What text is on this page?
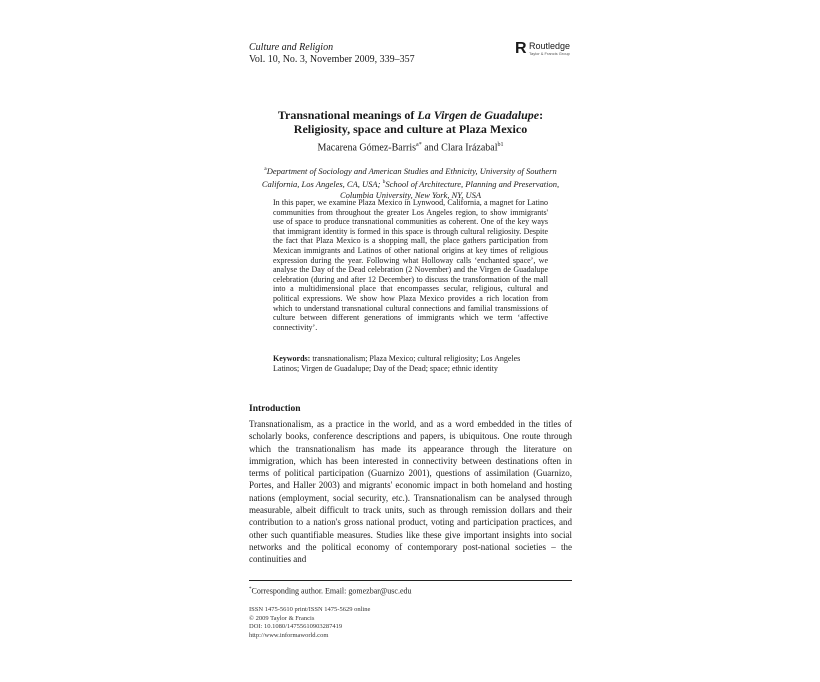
Culture and Religion
Vol. 10, No. 3, November 2009, 339–357
R Routledge
Taylor & Francis Group
Transnational meanings of La Virgen de Guadalupe: Religiosity, space and culture at Plaza Mexico
Macarena Gómez-Barris$^{a*}$ and Clara Irázabal$^{b1}$
$^a$Department of Sociology and American Studies and Ethnicity, University of Southern California, Los Angeles, CA, USA; $^b$School of Architecture, Planning and Preservation, Columbia University, New York, NY, USA
In this paper, we examine Plaza Mexico in Lynwood, California, a magnet for Latino communities from throughout the greater Los Angeles region, to show immigrants' use of space to produce transnational communities as coherent. One of the key ways that immigrant identity is formed in this space is through cultural religiosity. Despite the fact that Plaza Mexico is a shopping mall, the place gathers participation from Mexican immigrants and Latinos of other national origins at key times of religious expression during the year. Following what Holloway calls ‘enchanted space’, we analyse the Day of the Dead celebration (2 November) and the Virgen de Guadalupe celebration (during and after 12 December) to discuss the transformation of the mall into a multidimensional place that encompasses secular, religious, cultural and political expressions. We show how Plaza Mexico provides a rich location from which to understand transnational cultural connections and familial transmissions of culture between different generations of immigrants which we term ‘affective connectivity’.
Keywords: transnationalism; Plaza Mexico; cultural religiosity; Los Angeles Latinos; Virgen de Guadalupe; Day of the Dead; space; ethnic identity
Introduction
Transnationalism, as a practice in the world, and as a word embedded in the titles of scholarly books, conference descriptions and papers, is ubiquitous. One route through which the transnationalism has made its appearance through the literature on immigration, which has been interested in connectivity between destinations often in terms of political participation (Guarnizo 2001), questions of assimilation (Guarnizo, Portes, and Haller 2003) and migrants' economic impact in both homeland and hosting nations (employment, social security, etc.). Transnationalism can be analysed through measurable, albeit difficult to track units, such as through remission dollars and their contribution to a nation's gross national product, voting and participation practices, and other such quantifiable measures. Studies like these give important insights into social networks and the political economy of contemporary post-national societies – the continuities and
*Corresponding author. Email: gomezbar@usc.edu
ISSN 1475-5610 print/ISSN 1475-5629 online
© 2009 Taylor & Francis
DOI: 10.1080/14755610903287419
http://www.informaworld.com
